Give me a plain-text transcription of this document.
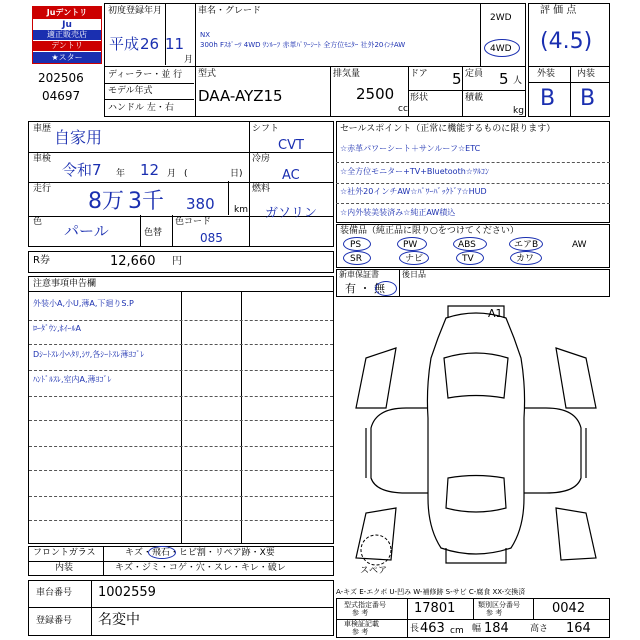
Juデントリ
Ju
適正販売店
デントリ
★スター
202506
04697
初度登録年月
平成 26 11
月
車名・グレード
NX
300h Fｽﾎﾟｰﾂ 4WD ｻﾝﾙｰﾌ 赤革ﾊﾟﾜｰｼｰﾄ 全方位ﾓﾆﾀｰ 社外20ｲﾝﾁAW
2WD
4WD
ディーラー・並 行
モデル年式
ハンドル 左・右
型式
DAA-AYZ15
排気量
2500
cc
ドア 5 定員 5 人
形状	積載
kg
評 価 点
(4.5)
外装 内装
B B
車歴 自家用
車検
令和7 年 12 月 (	日)
走行 8万 3千 380 km
色 パール	色替
色コード
085
シフト
CVT
冷房
AC
燃料
ガソリン
セールスポイント（正常に機能するものに限ります）
☆赤革パワーシート＋サンルーフ☆ETC
☆全方位モニター+TV+Bluetooth☆ﾜﾙｺﾝ
☆社外20インチAW☆ﾊﾟﾜｰﾊﾞｯｸﾄﾞｱ☆HUD
☆内外装美装済み☆純正AW積込
装備品（純正品に限り○をつけてください）
PS	PW	ABS	エアB	AW
SR	ナビ	TV	カワ
R券	12,660 円
新車保証書
有 ・ 無
後日品
注意事項申告欄
外装小A,小U,薄A,下廻りS.P
ﾛｰﾀﾞｳﾝ,ﾎｲｰﾙA
Dｼｰﾄｽﾚ小ﾍﾀﾘ,ｼﾜ,各ｼｰﾄｽﾚ薄ﾖｺﾞﾚ
ﾊﾝﾄﾞﾙｽﾚ,室内A,薄ﾖｺﾞﾚ
A1
スペア
フロントガラス	キズ・飛石・ヒビ割・リペア跡・X要
内装	キズ・ジミ・コゲ・穴・スレ・キレ・破レ
車台番号 1002559
登録番号 名変中
A-キズ E-エクボ U-凹み W-補修跡 S-サビ C-腐食 XX-交換済
型式指定番号
参 考	17801	類別区分番号
参 考	0042
車検証記載
参 考	長 463 cm 幅 184 高さ 164
